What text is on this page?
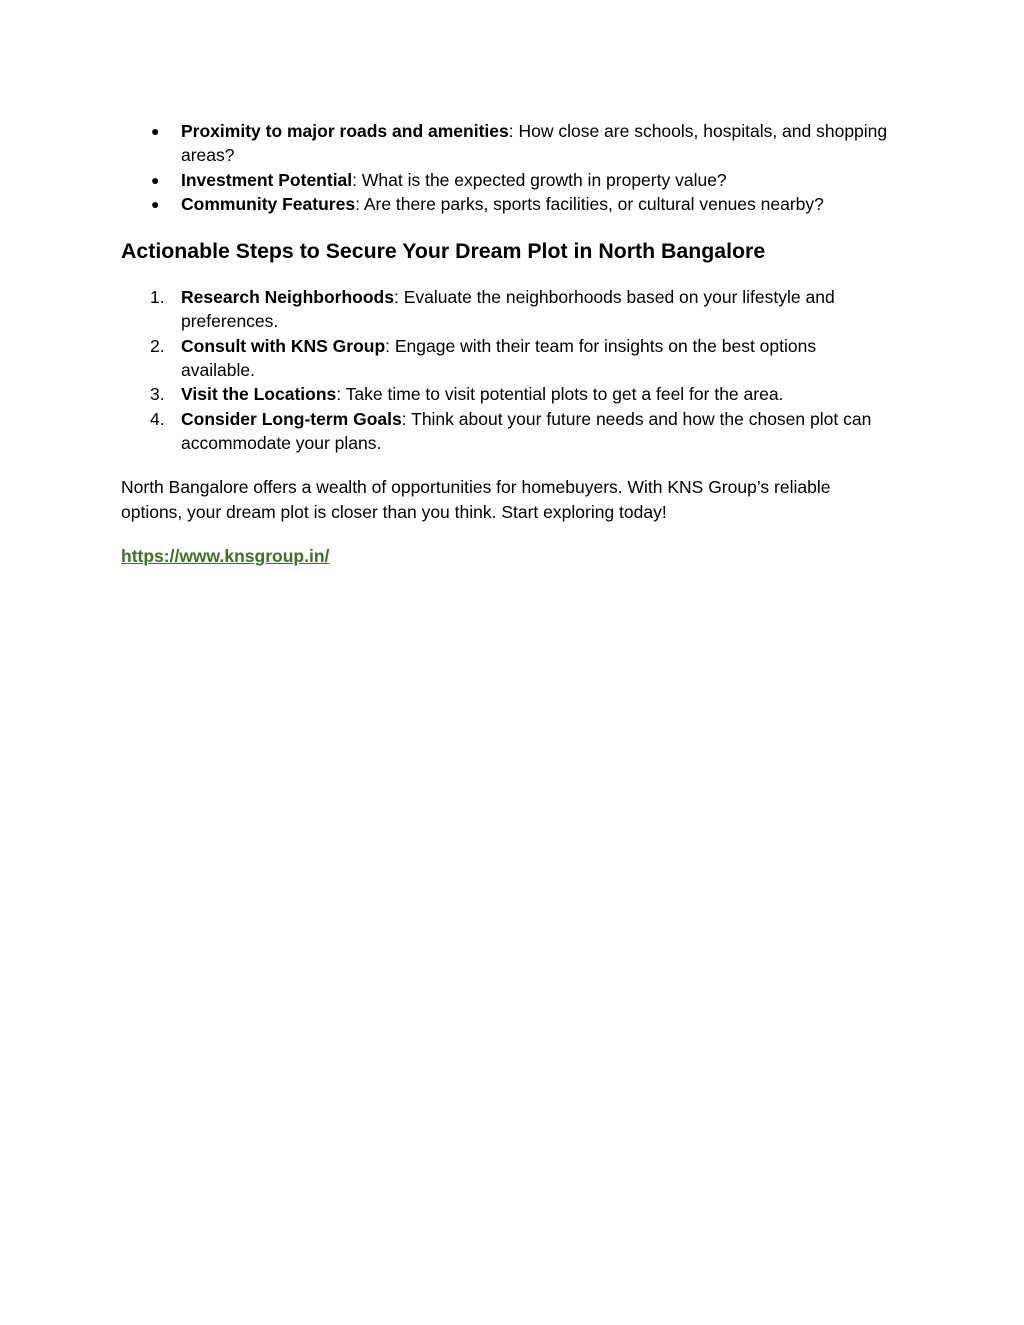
●	Proximity to major roads and amenities: How close are schools, hospitals, and shopping areas?
●	Investment Potential: What is the expected growth in property value?
●	Community Features: Are there parks, sports facilities, or cultural venues nearby?
Actionable Steps to Secure Your Dream Plot in North Bangalore
1. Research Neighborhoods: Evaluate the neighborhoods based on your lifestyle and preferences.
2. Consult with KNS Group: Engage with their team for insights on the best options available.
3. Visit the Locations: Take time to visit potential plots to get a feel for the area.
4. Consider Long-term Goals: Think about your future needs and how the chosen plot can accommodate your plans.

North Bangalore offers a wealth of opportunities for homebuyers. With KNS Group’s reliable options, your dream plot is closer than you think. Start exploring today!

https://www.knsgroup.in/
